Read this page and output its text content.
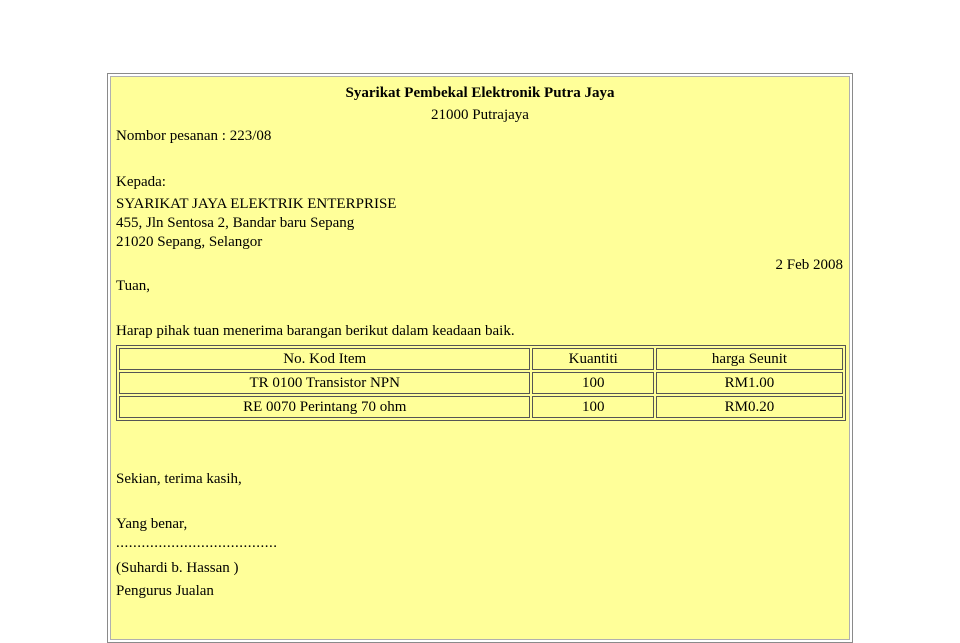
Syarikat Pembekal Elektronik Putra Jaya
21000 Putrajaya
Nombor pesanan : 223/08
Kepada:
SYARIKAT JAYA ELEKTRIK ENTERPRISE
455, Jln Sentosa 2, Bandar baru Sepang
21020 Sepang, Selangor
2 Feb 2008
Tuan,
Harap pihak tuan menerima barangan berikut dalam keadaan baik.
No. Kod Item	Kuantiti	harga Seunit
TR 0100 Transistor NPN	100	RM1.00
RE 0070 Perintang 70 ohm	100	RM0.20
Sekian, terima kasih,
Yang benar,
......................................
(Suhardi b. Hassan )
Pengurus Jualan
